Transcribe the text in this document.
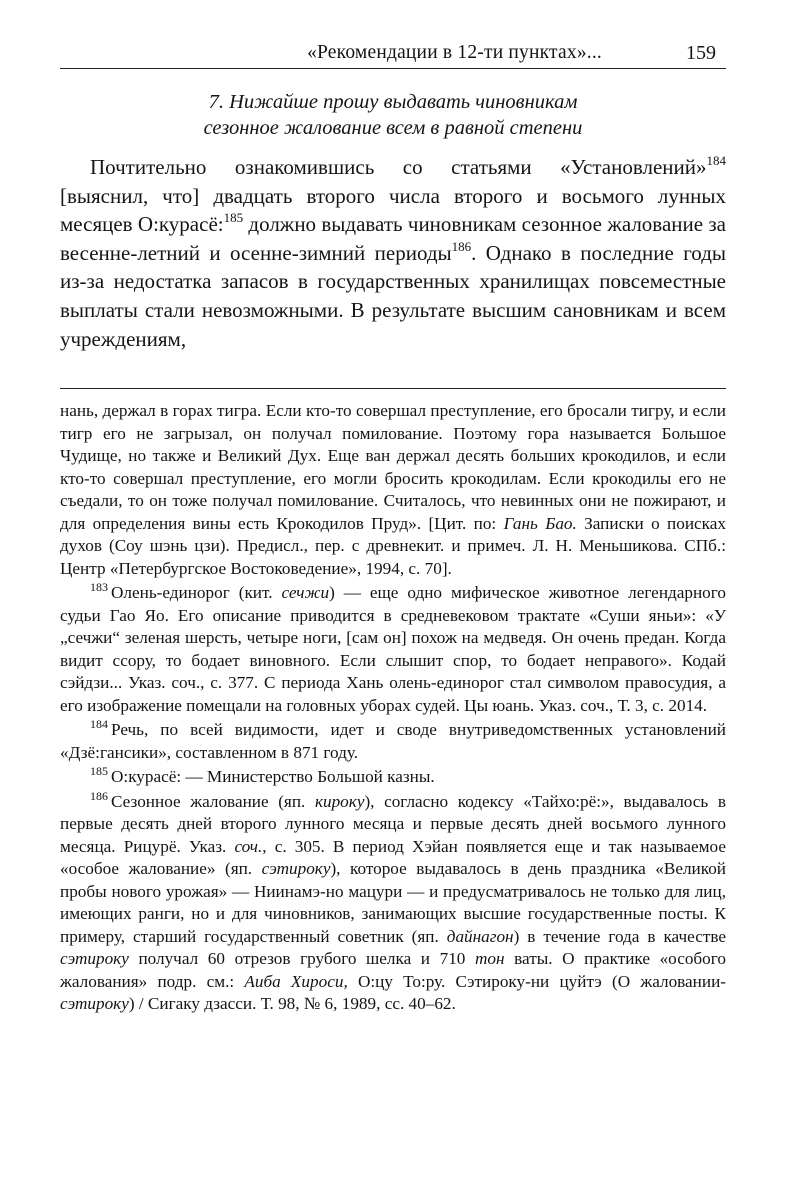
«Рекомендации в 12-ти пунктах»...	159
7. Нижайше прошу выдавать чиновникам
сезонное жалование всем в равной степени

Почтительно ознакомившись со статьями «Установлений»$^{184}$ [выяснил, что] двадцать второго числа второго и восьмого лунных месяцев О:курасё:$^{185}$ должно выдавать чиновникам сезонное жалование за весенне-летний и осенне-зимний периоды$^{186}$. Однако в последние годы из-за недостатка запасов в государственных хранилищах повсеместные выплаты стали невозможными. В результате высшим сановникам и всем учреждениям,

нань, держал в горах тигра. Если кто-то совершал преступление, его бросали тигру, и если тигр его не загрызал, он получал помилование. Поэтому гора называется Большое Чудище, но также и Великий Дух. Еще ван держал десять больших крокодилов, и если кто-то совершал преступление, его могли бросить крокодилам. Если крокодилы его не съедали, то он тоже получал помилование. Считалось, что невинных они не пожирают, и для определения вины есть Крокодилов Пруд». [Цит. по: Гань Бао. Записки о поисках духов (Соу шэнь цзи). Предисл., пер. с древнекит. и примеч. Л. Н. Меньшикова. СПб.: Центр «Петербургское Востоковедение», 1994, с. 70].

$^{183}$ Олень-единорог (кит. сечжи) — еще одно мифическое животное легендарного судьи Гао Яо. Его описание приводится в средневековом трактате «Суши яньи»: «У „сечжи“ зеленая шерсть, четыре ноги, [сам он] похож на медведя. Он очень предан. Когда видит ссору, то бодает виновного. Если слышит спор, то бодает неправого». Кодай сэйдзи... Указ. соч., с. 377. С периода Хань олень-единорог стал символом правосудия, а его изображение помещали на головных уборах судей. Цы юань. Указ. соч., Т. 3, с. 2014.

$^{184}$ Речь, по всей видимости, идет и своде внутриведомственных установлений «Дзё:гансики», составленном в 871 году.

$^{185}$ О:курасё: — Министерство Большой казны.

$^{186}$ Сезонное жалование (яп. кироку), согласно кодексу «Тайхо:рё:», выдавалось в первые десять дней второго лунного месяца и первые десять дней восьмого лунного месяца. Рицурё. Указ. соч., с. 305. В период Хэйан появляется еще и так называемое «особое жалование» (яп. сэтироку), которое выдавалось в день праздника «Великой пробы нового урожая» — Ниинамэ-но мацури — и предусматривалось не только для лиц, имеющих ранги, но и для чиновников, занимающих высшие государственные посты. К примеру, старший государственный советник (яп. дайнагон) в течение года в качестве сэтироку получал 60 отрезов грубого шелка и 710 тон ваты. О практике «особого жалования» подр. см.: Аиба Хироси, О:цу То:ру. Сэтироку-ни цуйтэ (О жаловании-сэтироку) / Сигаку дзасси. Т. 98, № 6, 1989, сс. 40–62.
